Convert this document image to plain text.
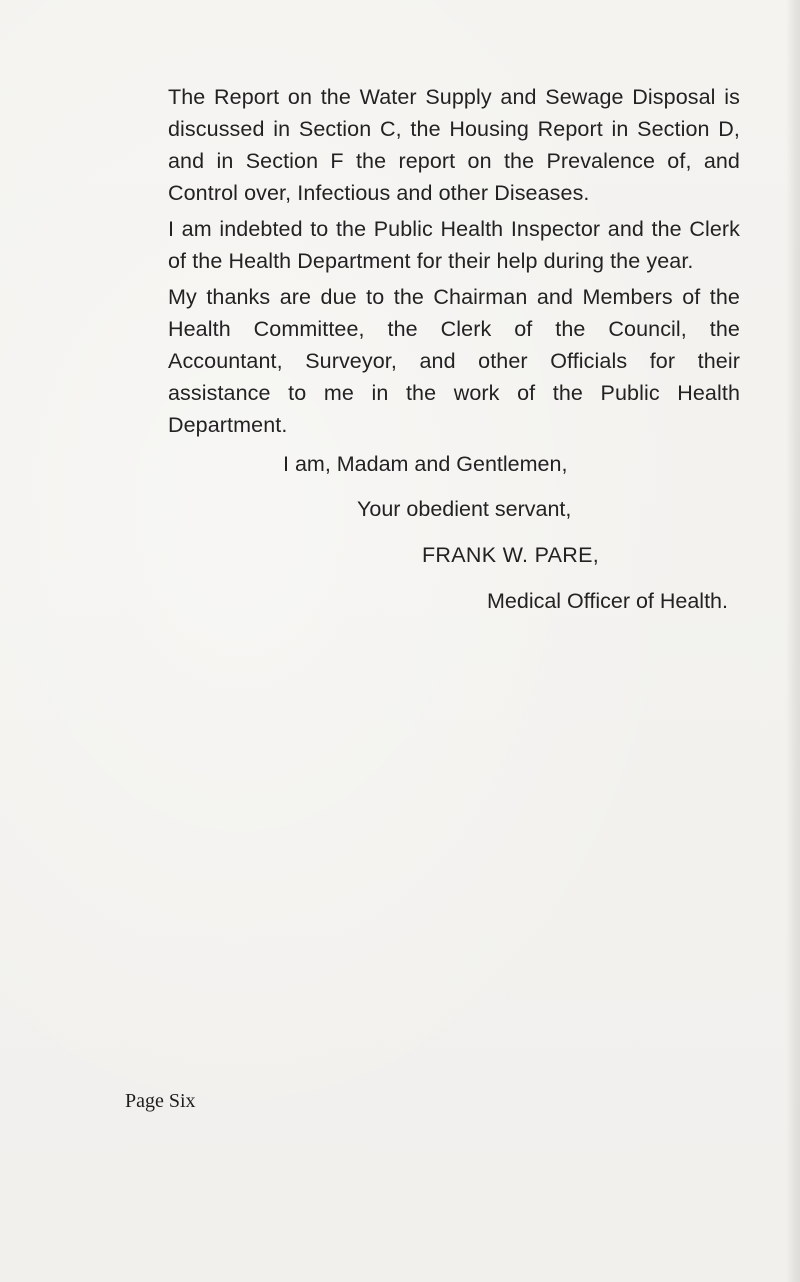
The Report on the Water Supply and Sewage Disposal is discussed in Section C, the Housing Report in Section D, and in Section F the report on the Prevalence of, and Control over, Infectious and other Diseases.

I am indebted to the Public Health Inspector and the Clerk of the Health Department for their help during the year.

My thanks are due to the Chairman and Members of the Health Committee, the Clerk of the Council, the Accountant, Surveyor, and other Officials for their assistance to me in the work of the Public Health Department.

I am, Madam and Gentlemen,
Your obedient servant,
FRANK W. PARE,
Medical Officer of Health.
Page Six
